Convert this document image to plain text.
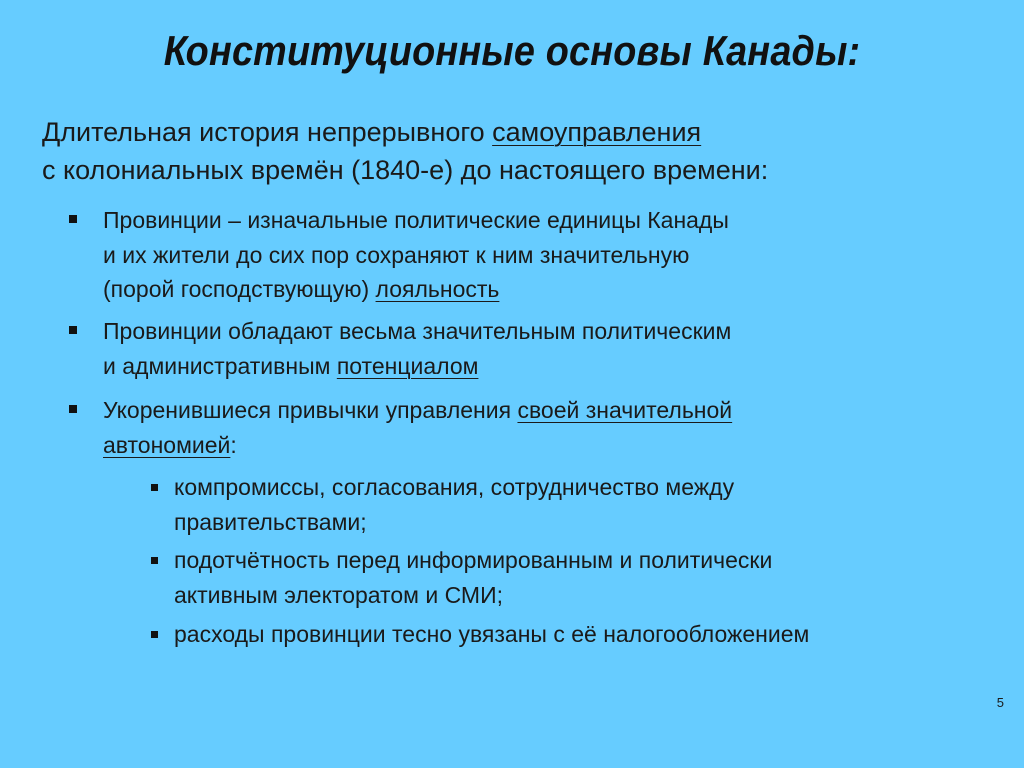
Конституционные основы Канады:
Длительная история непрерывного самоуправления
с колониальных времён (1840-е) до настоящего времени:
Провинции – изначальные политические единицы Канады
и их жители до сих пор сохраняют к ним значительную
(порой господствующую) лояльность
Провинции обладают весьма значительным политическим
и административным потенциалом
Укоренившиеся привычки управления своей значительной
автономией:
компромиссы, согласования, сотрудничество между
правительствами;
подотчётность перед информированным и политически
активным электоратом и СМИ;
расходы провинции тесно увязаны с её налогообложением
5
